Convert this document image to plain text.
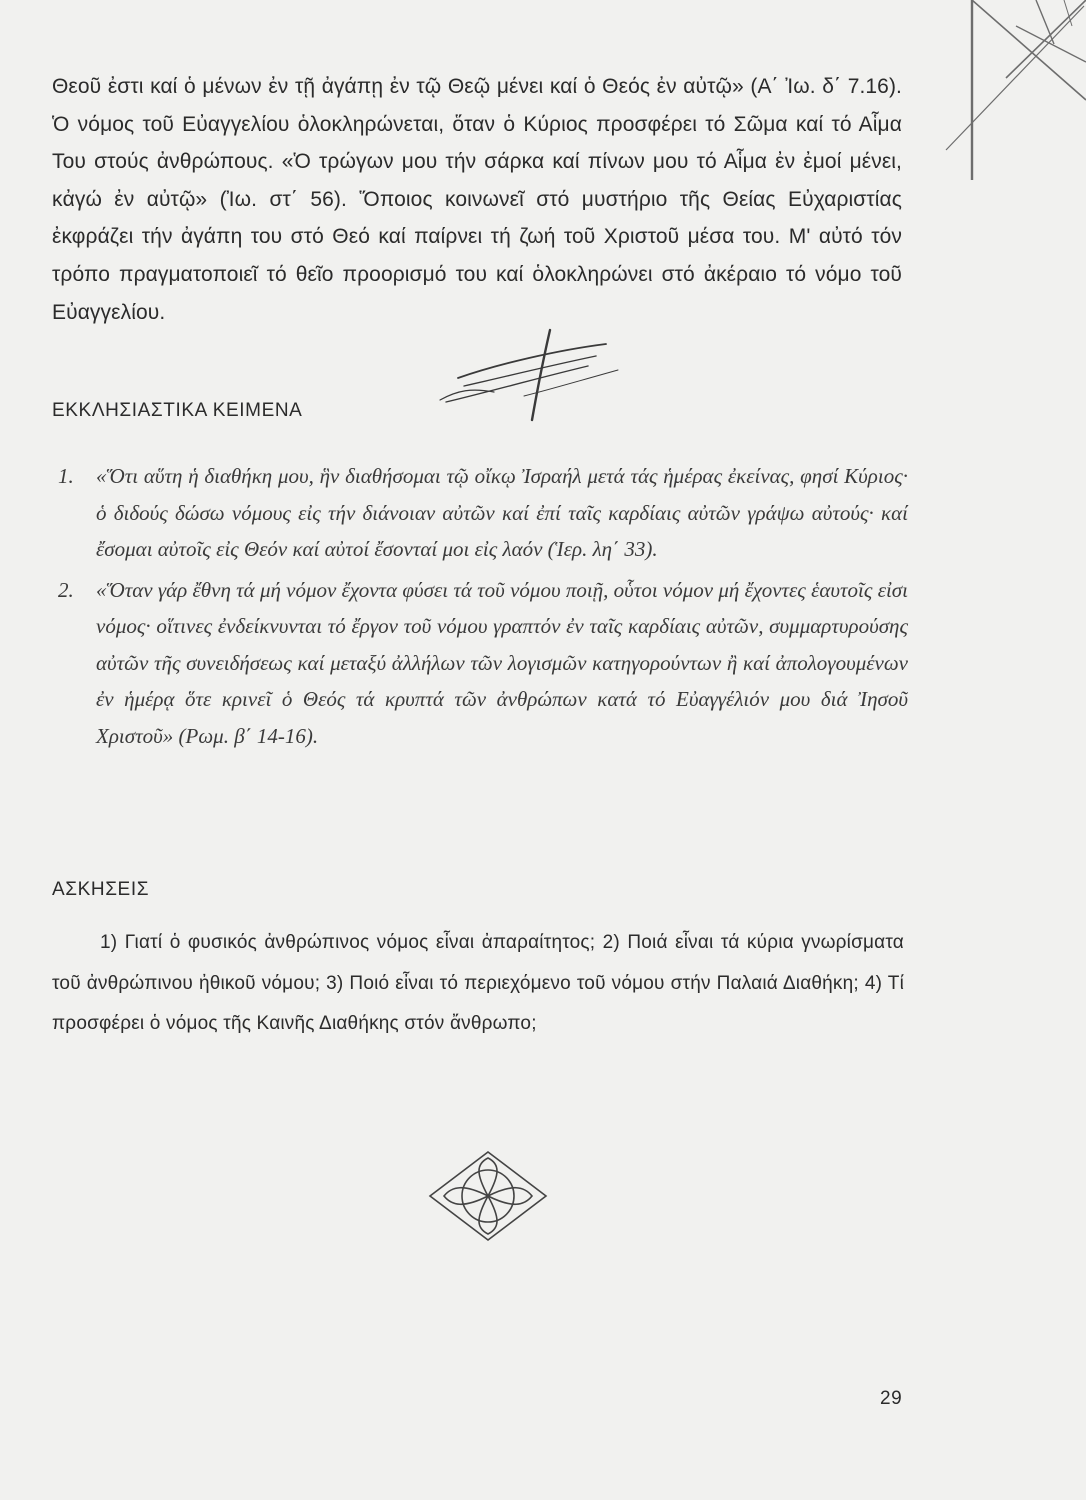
Θεοῦ ἐστι καί ὁ μένων ἐν τῇ ἀγάπῃ ἐν τῷ Θεῷ μένει καί ὁ Θεός ἐν αὐτῷ» (Α΄ Ἰω. δ΄ 7.16). Ὁ νόμος τοῦ Εὐαγγελίου ὁλοκληρώνεται, ὅταν ὁ Κύριος προσφέρει τό Σῶμα καί τό Αἷμα Του στούς ἀνθρώπους. «Ὁ τρώγων μου τήν σάρκα καί πίνων μου τό Αἷμα ἐν ἐμοί μένει, κἀγώ ἐν αὐτῷ» (Ἰω. στ΄ 56). Ὅποιος κοινωνεῖ στό μυστήριο τῆς Θείας Εὐχαριστίας ἐκφράζει τήν ἀγάπη του στό Θεό καί παίρνει τή ζωή τοῦ Χριστοῦ μέσα του. Μ' αὐτό τόν τρόπο πραγματοποιεῖ τό θεῖο προορισμό του καί ὁλοκληρώνει στό ἀκέραιο τό νόμο τοῦ Εὐαγγελίου.

ΕΚΚΛΗΣΙΑΣΤΙΚΑ ΚΕΙΜΕΝΑ
1. «Ὅτι αὕτη ἡ διαθήκη μου, ἣν διαθήσομαι τῷ οἴκῳ Ἰσραήλ μετά τάς ἡμέρας ἐκείνας, φησί Κύριος· ὁ διδούς δώσω νόμους εἰς τήν διάνοιαν αὐτῶν καί ἐπί ταῖς καρδίαις αὐτῶν γράψω αὐτούς· καί ἔσομαι αὐτοῖς εἰς Θεόν καί αὐτοί ἔσονταί μοι εἰς λαόν (Ἱερ. λη΄ 33).
2. «Ὅταν γάρ ἔθνη τά μή νόμον ἔχοντα φύσει τά τοῦ νόμου ποιῇ, οὗτοι νόμον μή ἔχοντες ἑαυτοῖς εἰσι νόμος· οἵτινες ἐνδείκνυνται τό ἔργον τοῦ νόμου γραπτόν ἐν ταῖς καρδίαις αὐτῶν, συμμαρτυρούσης αὐτῶν τῆς συνειδήσεως καί μεταξύ ἀλλήλων τῶν λογισμῶν κατηγορούντων ἢ καί ἀπολογουμένων ἐν ἡμέρᾳ ὅτε κρινεῖ ὁ Θεός τά κρυπτά τῶν ἀνθρώπων κατά τό Εὐαγγέλιόν μου διά Ἰησοῦ Χριστοῦ» (Ρωμ. β΄ 14-16).
ΑΣΚΗΣΕΙΣ

1) Γιατί ὁ φυσικός ἀνθρώπινος νόμος εἶναι ἀπαραίτητος; 2) Ποιά εἶναι τά κύρια γνωρίσματα τοῦ ἀνθρώπινου ἠθικοῦ νόμου; 3) Ποιό εἶναι τό περιεχόμενο τοῦ νόμου στήν Παλαιά Διαθήκη; 4) Τί προσφέρει ὁ νόμος τῆς Καινῆς Διαθήκης στόν ἄνθρωπο;

29
